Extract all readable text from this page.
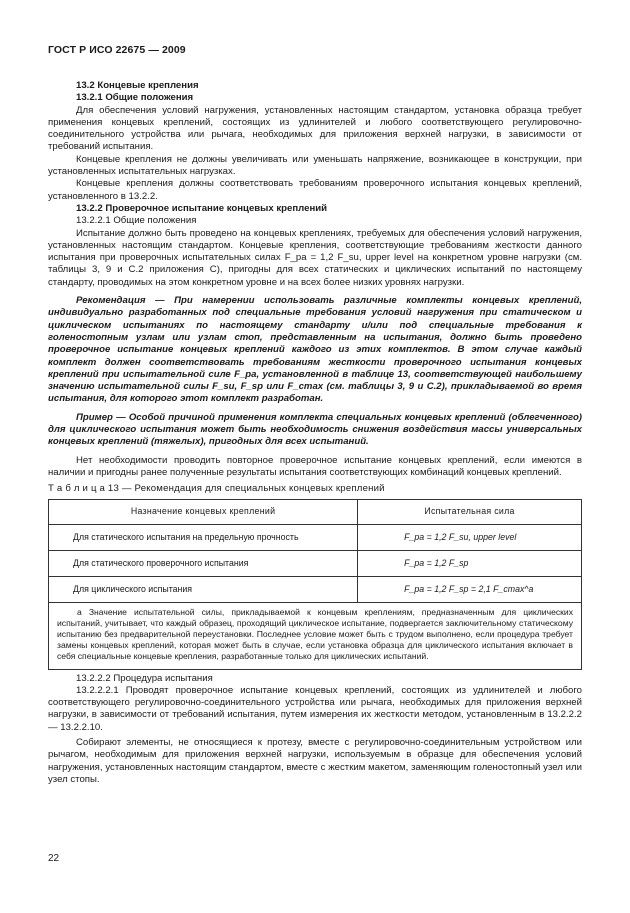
ГОСТ Р ИСО 22675 — 2009

13.2 Концевые крепления

13.2.1 Общие положения

Для обеспечения условий нагружения, установленных настоящим стандартом, установка образца требует применения концевых креплений, состоящих из удлинителей и любого соответствующего регулировочно-соединительного устройства или рычага, необходимых для приложения верхней нагрузки, в зависимости от требований испытания.

Концевые крепления не должны увеличивать или уменьшать напряжение, возникающее в конструкции, при установленных испытательных нагрузках.

Концевые крепления должны соответствовать требованиям проверочного испытания концевых креплений, установленного в 13.2.2.

13.2.2 Проверочное испытание концевых креплений

13.2.2.1 Общие положения

Испытание должно быть проведено на концевых креплениях, требуемых для обеспечения условий нагружения, установленных настоящим стандартом. Концевые крепления, соответствующие требованиям жесткости данного испытания при проверочных испытательных силах F_pa = 1,2 F_su, upper level на конкретном уровне нагрузки (см. таблицы 3, 9 и C.2 приложения C), пригодны для всех статических и циклических испытаний по настоящему стандарту, проводимых на этом конкретном уровне и на всех более низких уровнях нагрузки.

Рекомендация — При намерении использовать различные комплекты концевых креплений, индивидуально разработанных под специальные требования условий нагружения при статическом и циклическом испытаниях по настоящему стандарту и/или под специальные требования к голеностопным узлам или узлам стоп, представленным на испытания, должно быть проведено проверочное испытание концевых креплений каждого из этих комплектов. В этом случае каждый комплект должен соответствовать требованиям жесткости проверочного испытания концевых креплений при испытательной силе F_pa, установленной в таблице 13, соответствующей наибольшему значению испытательной силы F_su, F_sp или F_cmax (см. таблицы 3, 9 и C.2), прикладываемой во время испытания, для которого этот комплект разработан.

Пример — Особой причиной применения комплекта специальных концевых креплений (облегченного) для циклического испытания может быть необходимость снижения воздействия массы универсальных концевых креплений (тяжелых), пригодных для всех испытаний.

Нет необходимости проводить повторное проверочное испытание концевых креплений, если имеются в наличии и пригодны ранее полученные результаты испытания соответствующих комбинаций концевых креплений.

Т а б л и ц а 13 — Рекомендация для специальных концевых креплений
Назначение концевых креплений	Испытательная сила
Для статического испытания на предельную прочность	F_pa = 1,2 F_su, upper level
Для статического проверочного испытания	F_pa = 1,2 F_sp
Для циклического испытания	F_pa = 1,2 F_sp = 2,1 F_cmax^a
а Значение испытательной силы, прикладываемой к концевым креплениям, предназначенным для циклических испытаний, учитывает, что каждый образец, проходящий циклическое испытание, подвергается заключительному статическому испытанию без предварительной переустановки. Последнее условие может быть с трудом выполнено, если процедура требует замены концевых креплений, которая может быть в случае, если установка образца для циклического испытания включает в себя специальные концевые крепления, разработанные только для циклических испытаний.	

13.2.2.2 Процедура испытания

13.2.2.2.1 Проводят проверочное испытание концевых креплений, состоящих из удлинителей и любого соответствующего регулировочно-соединительного устройства или рычага, необходимых для приложения верхней нагрузки, в зависимости от требований испытания, путем измерения их жесткости методом, установленным в 13.2.2.2 — 13.2.2.10.

Собирают элементы, не относящиеся к протезу, вместе с регулировочно-соединительным устройством или рычагом, необходимым для приложения верхней нагрузки, используемым в образце для обеспечения условий нагружения, установленных настоящим стандартом, вместе с жестким макетом, заменяющим голеностопный узел или узел стопы.

22
